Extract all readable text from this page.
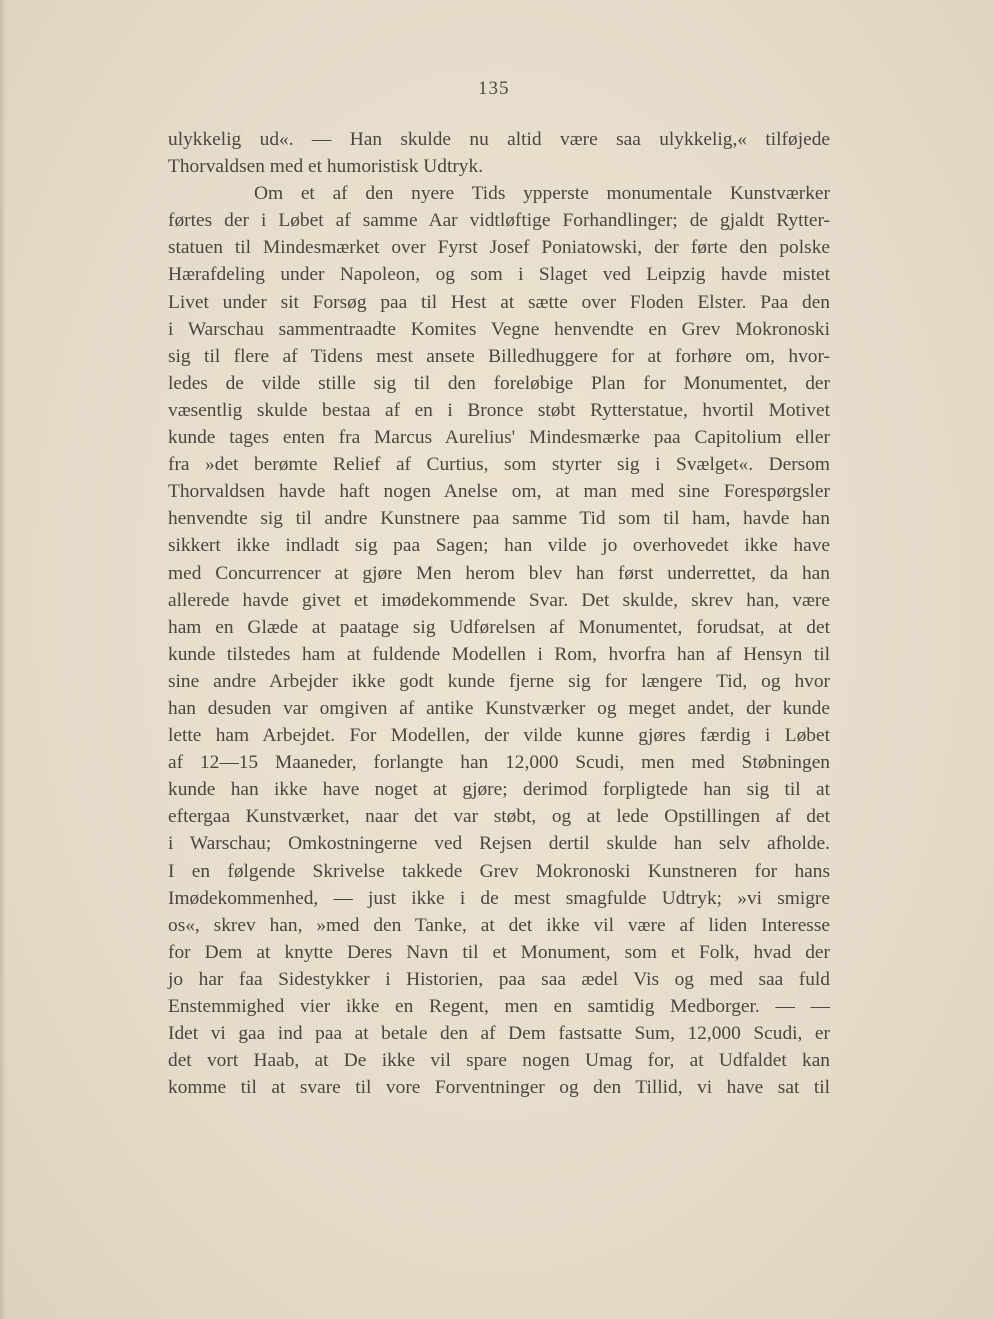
135
ulykkelig ud«. — Han skulde nu altid være saa ulykkelig,« tilføjede
Thorvaldsen med et humoristisk Udtryk.
Om et af den nyere Tids ypperste monumentale Kunstværker
førtes der i Løbet af samme Aar vidtløftige Forhandlinger; de gjaldt Rytter-
statuen til Mindesmærket over Fyrst Josef Poniatowski, der førte den polske
Hærafdeling under Napoleon, og som i Slaget ved Leipzig havde mistet
Livet under sit Forsøg paa til Hest at sætte over Floden Elster. Paa den
i Warschau sammentraadte Komites Vegne henvendte en Grev Mokronoski
sig til flere af Tidens mest ansete Billedhuggere for at forhøre om, hvor-
ledes de vilde stille sig til den foreløbige Plan for Monumentet, der
væsentlig skulde bestaa af en i Bronce støbt Rytterstatue, hvortil Motivet
kunde tages enten fra Marcus Aurelius' Mindesmærke paa Capitolium eller
fra »det berømte Relief af Curtius, som styrter sig i Svælget«. Dersom
Thorvaldsen havde haft nogen Anelse om, at man med sine Forespørgsler
henvendte sig til andre Kunstnere paa samme Tid som til ham, havde han
sikkert ikke indladt sig paa Sagen; han vilde jo overhovedet ikke have
med Concurrencer at gjøre Men herom blev han først underrettet, da han
allerede havde givet et imødekommende Svar. Det skulde, skrev han, være
ham en Glæde at paatage sig Udførelsen af Monumentet, forudsat, at det
kunde tilstedes ham at fuldende Modellen i Rom, hvorfra han af Hensyn til
sine andre Arbejder ikke godt kunde fjerne sig for længere Tid, og hvor
han desuden var omgiven af antike Kunstværker og meget andet, der kunde
lette ham Arbejdet. For Modellen, der vilde kunne gjøres færdig i Løbet
af 12—15 Maaneder, forlangte han 12,000 Scudi, men med Støbningen
kunde han ikke have noget at gjøre; derimod forpligtede han sig til at
eftergaa Kunstværket, naar det var støbt, og at lede Opstillingen af det
i Warschau; Omkostningerne ved Rejsen dertil skulde han selv afholde.
I en følgende Skrivelse takkede Grev Mokronoski Kunstneren for hans
Imødekommenhed, — just ikke i de mest smagfulde Udtryk; »vi smigre
os«, skrev han, »med den Tanke, at det ikke vil være af liden Interesse
for Dem at knytte Deres Navn til et Monument, som et Folk, hvad der
jo har faa Sidestykker i Historien, paa saa ædel Vis og med saa fuld
Enstemmighed vier ikke en Regent, men en samtidig Medborger. — —
Idet vi gaa ind paa at betale den af Dem fastsatte Sum, 12,000 Scudi, er
det vort Haab, at De ikke vil spare nogen Umag for, at Udfaldet kan
komme til at svare til vore Forventninger og den Tillid, vi have sat til
